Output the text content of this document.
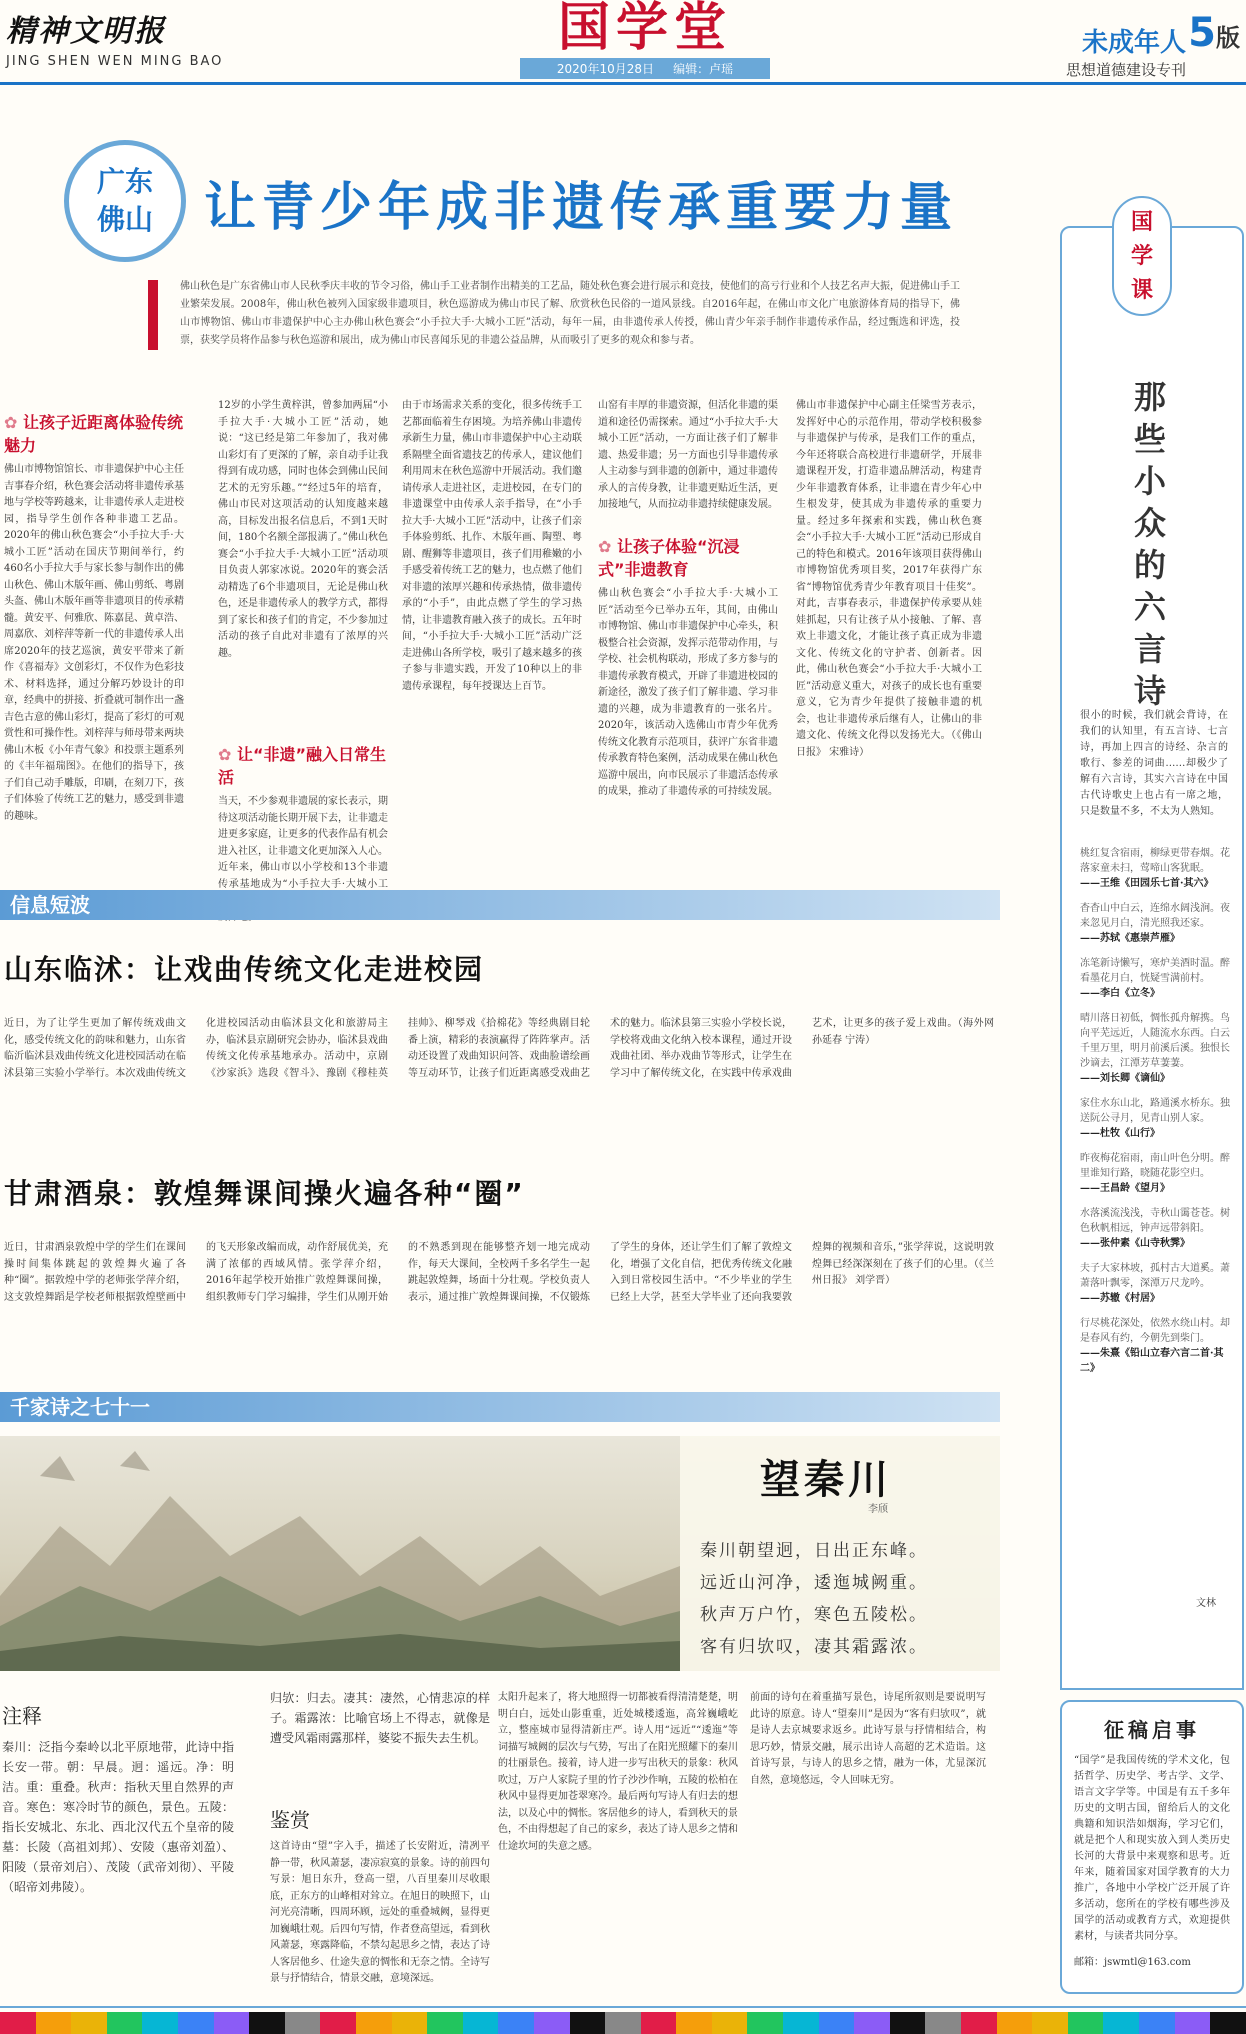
精神文明报
JING SHEN WEN MING BAO
国学堂
2020年10月28日 编辑：卢瑶
5版
未成年人
思想道德建设专刊
广东
佛山 让青少年成非遗传承重要力量
佛山秋色是广东省佛山市人民秋季庆丰收的节令习俗，佛山手工业者制作出精美的工艺品，随处秋色赛会进行展示和竞技，使他们的高亏行业和个人技艺名声大振，促进佛山手工业繁荣发展。2008年，佛山秋色被列入国家级非遗项目，秋色巡游成为佛山市民了解、欣赏秋色民俗的一道风景线。自2016年起，在佛山市文化广电旅游体育局的指导下，佛山市博物馆、佛山市非遗保护中心主办佛山秋色赛会“小手拉大手·大城小工匠”活动，每年一届，由非遗传承人传授，佛山青少年亲手制作非遗传承作品，经过甄选和评选，投票，获奖学员将作品参与秋色巡游和展出，成为佛山市民喜闻乐见的非遗公益品牌，从而吸引了更多的观众和参与者。
✿ 让孩子近距离体验传统魅力
佛山市博物馆馆长、市非遗保护中心主任吉事春介绍，秋色赛会活动将非遗传承基地与学校等跨越来，让非遗传承人走进校园，指导学生创作各种非遗工艺品。2020年的佛山秋色赛会“小手拉大手·大城小工匠”活动在国庆节期间举行，约460名小手拉大手与家长参与制作出的佛山秋色、佛山木版年画、佛山剪纸、粤剧头盔、佛山木版年画等非遗项目的传承精髓。黄安平、何雅欣、陈嘉昆、黄卓浩、周嘉欣、刘梓萍等新一代的非遗传承人出席2020年的技艺巡演，黄安平带来了新作《喜福寿》文创彩灯，不仅作为色彩技术、材料选择，通过分解巧妙设计的印章，经典中的拼接、折叠就可制作出一盏吉色古意的佛山彩灯，提高了彩灯的可观赏性和可操作性。刘梓萍与师母带来两块佛山木板《小年青气象》和投票主题系列的《丰年福瑞图》。在他们的指导下，孩子们自己动手雕版，印刷，在刻刀下，孩子们体验了传统工艺的魅力，感受到非遗的趣味。
12岁的小学生黄梓淇，曾参加两届“小手拉大手·大城小工匠”活动，她说：“这已经是第二年参加了，我对佛山彩灯有了更深的了解，亲自动手让我得到有成功感，同时也体会到佛山民间艺术的无穷乐趣。”“经过5年的培育，佛山市民对这项活动的认知度越来越高，目标发出报名信息后，不到1天时间，180个名额全部报满了。”佛山秋色赛会“小手拉大手·大城小工匠”活动项目负责人郭家冰说。2020年的赛会活动精选了6个非遗项目，无论是佛山秋色，还是非遗传承人的教学方式，都得到了家长和孩子们的肯定，不少参加过活动的孩子自此对非遗有了浓厚的兴趣。
✿ 让“非遗”融入日常生活
当天，不少参观非遗展的家长表示，期待这项活动能长期开展下去，让非遗走进更多家庭，让更多的代表作品有机会进入社区，让非遗文化更加深入人心。近年来，佛山市以小学校和13个非遗传承基地成为“小手拉大手·大城小工
由于市场需求关系的变化，很多传统手工艺都面临着生存困境。为培养佛山非遗传承新生力量，佛山市非遗保护中心主动联系隔壁全面省遗技艺的传承人，建议他们利用周末在秋色巡游中开展活动。我们邀请传承人走进社区，走进校园，在专门的非遗课堂中由传承人亲手指导，在“小手拉大手·大城小工匠”活动中，让孩子们亲手体验剪纸、扎作、木版年画、陶塑、粤剧、醒狮等非遗项目，孩子们用稚嫩的小手感受着传统工艺的魅力，也点燃了他们对非遗的浓厚兴趣和传承热情，做非遗传承的“小手”，由此点燃了学生的学习热情，让非遗教育融入孩子的成长。五年时间，“小手拉大手·大城小工匠”活动广泛走进佛山各所学校，吸引了越来越多的孩子参与非遗实践，开发了10种以上的非遗传承课程，每年授课达上百节。
山窑有丰厚的非遗资源，但活化非遗的渠道和途径仍需探索。通过“小手拉大手·大城小工匠”活动，一方面让孩子们了解非遗、热爱非遗；另一方面也引导非遗传承人主动参与到非遗的创新中，通过非遗传承人的言传身教，让非遗更贴近生活，更加接地气，从而拉动非遗持续健康发展。
✿ 让孩子体验“沉浸式”非遗教育
佛山秋色赛会“小手拉大手·大城小工匠”活动至今已举办五年，其间，由佛山市博物馆、佛山市非遗保护中心牵头，积极整合社会资源，发挥示范带动作用，与学校、社会机构联动，形成了多方参与的非遗传承教育模式，开辟了非遗进校园的新途径，激发了孩子们了解非遗、学习非遗的兴趣，成为非遗教育的一张名片。2020年，该活动入选佛山市青少年优秀传统文化教育示范项目，获评广东省非遗传承教育特色案例，活动成果在佛山秋色巡游中展出，向市民展示了非遗活态传承的成果，推动了非遗传承的可持续发展。
佛山市非遗保护中心副主任梁雪芳表示，发挥好中心的示范作用，带动学校积极参与非遗保护与传承，是我们工作的重点，今年还将联合高校进行非遗研学，开展非遗课程开发，打造非遗品牌活动，构建青少年非遗教育体系，让非遗在青少年心中生根发芽，使其成为非遗传承的重要力量。经过多年探索和实践，佛山秋色赛会“小手拉大手·大城小工匠”活动已形成自己的特色和模式。2016年该项目获得佛山市博物馆优秀项目奖，2017年获得广东省“博物馆优秀青少年教育项目十佳奖”。对此，吉事春表示，非遗保护传承要从娃娃抓起，只有让孩子从小接触、了解、喜欢上非遗文化，才能让孩子真正成为非遗文化、传统文化的守护者、创新者。因此，佛山秋色赛会“小手拉大手·大城小工匠”活动意义重大，对孩子的成长也有重要意义，它为青少年提供了接触非遗的机会，也让非遗传承后继有人，让佛山的非遗文化、传统文化得以发扬光大。（《佛山日报》 宋雅诗）
国
学
课
那
些
小
众
的
六
言
诗
很小的时候，我们就会背诗，在我们的认知里，有五言诗、七言诗，再加上四言的诗经、杂言的歌行、参差的词曲……却极少了解有六言诗，其实六言诗在中国古代诗歌史上也占有一席之地，只是数量不多，不太为人熟知。
桃红复含宿雨，柳绿更带春烟。花落家童未扫，莺啼山客犹眠。
——王维《田园乐七首·其六》
杳杳山中白云，连绵水阔浅涧。夜来忽见月白，清光照我还家。
——苏轼《惠崇芦雁》
冻笔新诗懒写，寒炉美酒时温。醉看墨花月白，恍疑雪满前村。
——李白《立冬》
晴川落日初低，惆怅孤舟解携。鸟向平芜远近，人随流水东西。白云千里万里，明月前溪后溪。独恨长沙谪去，江潭芳草萋萋。
——刘长卿《谪仙》
家住水东山北，路通溪水桥东。独送阮公寻月，见青山别人家。
——杜牧《山行》
昨夜梅花宿雨，南山叶色分明。醉里谁知行路，晓随花影空归。
——王昌龄《望月》
水落溪流浅浅，寺秋山霭苍苍。树色秋帆相远，钟声远带斜阳。
——张仲素《山寺秋霁》
夫子大家林坡，孤村古大道奚。萧萧落叶飘零，深潭万尺龙吟。
——苏辙《村居》
行尽桃花深处，依然水绕山村。却是春风有约，今朝先到柴门。
——朱熹《铅山立春六言二首·其二》
文林
信息短波
山东临沭：让戏曲传统文化走进校园
近日，为了让学生更加了解传统戏曲文化，感受传统文化的韵味和魅力，山东省临沂临沭县戏曲传统文化进校园活动在临沭县第三实验小学举行。本次戏曲传统文化进校园活动由临沭县文化和旅游局主办，临沭县京剧研究会协办，临沭县戏曲传统文化传承基地承办。活动中，京剧《沙家浜》选段《智斗》、豫剧《穆桂英挂帅》、柳琴戏《拾棉花》等经典剧目轮番上演，精彩的表演赢得了阵阵掌声。活动还设置了戏曲知识问答、戏曲脸谱绘画等互动环节，让孩子们近距离感受戏曲艺术的魅力。临沭县第三实验小学校长说，学校将戏曲文化纳入校本课程，通过开设戏曲社团、举办戏曲节等形式，让学生在学习中了解传统文化，在实践中传承戏曲艺术，让更多的孩子爱上戏曲。（海外网 孙延春 宁涛）
甘肃酒泉：敦煌舞课间操火遍各种“圈”
近日，甘肃酒泉敦煌中学的学生们在课间操时间集体跳起的敦煌舞火遍了各种“圈”。据敦煌中学的老师张学萍介绍，这支敦煌舞蹈是学校老师根据敦煌壁画中的飞天形象改编而成，动作舒展优美，充满了浓郁的西域风情。张学萍介绍，2016年起学校开始推广敦煌舞课间操，组织教师专门学习编排，学生们从刚开始的不熟悉到现在能够整齐划一地完成动作，每天大课间，全校两千多名学生一起跳起敦煌舞，场面十分壮观。学校负责人表示，通过推广敦煌舞课间操，不仅锻炼了学生的身体，还让学生们了解了敦煌文化，增强了文化自信，把优秀传统文化融入到日常校园生活中。“不少毕业的学生已经上大学，甚至大学毕业了还向我要敦煌舞的视频和音乐，”张学萍说，这说明敦煌舞已经深深刻在了孩子们的心里。（《兰州日报》 刘学晋）
千家诗之七十一
望秦川
李颀
秦川朝望迥，日出正东峰。
远近山河净，逶迤城阙重。
秋声万户竹，寒色五陵松。
客有归欤叹，凄其霜露浓。
注释
秦川：泛指今秦岭以北平原地带，此诗中指长安一带。朝：早晨。迥：遥远。净：明洁。重：重叠。秋声：指秋天里自然界的声音。寒色：寒冷时节的颜色，景色。五陵：指长安城北、东北、西北汉代五个皇帝的陵墓：长陵（高祖刘邦）、安陵（惠帝刘盈）、阳陵（景帝刘启）、茂陵（武帝刘彻）、平陵（昭帝刘弗陵）。
归欤：归去。凄其：凄然，心情悲凉的样子。霜露浓：比喻官场上不得志，就像是遭受风霜雨露那样，婆娑不振失去生机。
鉴赏
这首诗由“望”字入手，描述了长安附近，清冽平静一带，秋风萧瑟，凄凉寂寞的景象。诗的前四句写景：旭日东升，登高一望，八百里秦川尽收眼底，正东方的山峰相对耸立。在旭日的映照下，山河光亮清晰，四周环顾，远处的重叠城阙，显得更加巍峨壮观。后四句写情，作者登高望远，看到秋风萧瑟，寒露降临，不禁勾起思乡之情，表达了诗人客居他乡、仕途失意的惆怅和无奈之情。全诗写景与抒情结合，情景交融，意境深远。
太阳升起来了，将大地照得一切都被看得清清楚楚，明明白白，远处山影重重，近处城楼逶迤，高耸巍峨屹立，整座城市显得清新庄严。诗人用“远近”“逶迤”等词描写城阙的层次与气势，写出了在阳光照耀下的秦川的壮丽景色。接着，诗人进一步写出秋天的景象：秋风吹过，万户人家院子里的竹子沙沙作响，五陵的松柏在秋风中显得更加苍翠寒冷。最后两句写诗人有归去的想法，以及心中的惆怅。客居他乡的诗人，看到秋天的景色，不由得想起了自己的家乡，表达了诗人思乡之情和仕途坎坷的失意之感。
前面的诗句在着重描写景色，诗尾所叙则是要说明写此诗的原意。诗人“望秦川”是因为“客有归欤叹”，就是诗人去京城要求返乡。此诗写景与抒情相结合，构思巧妙，情景交融，展示出诗人高超的艺术造诣。这首诗写景，与诗人的思乡之情，融为一体，尤显深沉自然，意境悠远，令人回味无穷。
征稿启事
“国学”是我国传统的学术文化，包括哲学、历史学、考古学、文学、语言文字学等。中国是有五千多年历史的文明古国，留给后人的文化典籍和知识浩如烟海，学习它们，就是把个人和现实放入到人类历史长河的大背景中来观察和思考。近年来，随着国家对国学教育的大力推广，各地中小学校广泛开展了许多活动，您所在的学校有哪些涉及国学的活动或教育方式，欢迎提供素材，与读者共同分享。
邮箱：jswmtl@163.com
